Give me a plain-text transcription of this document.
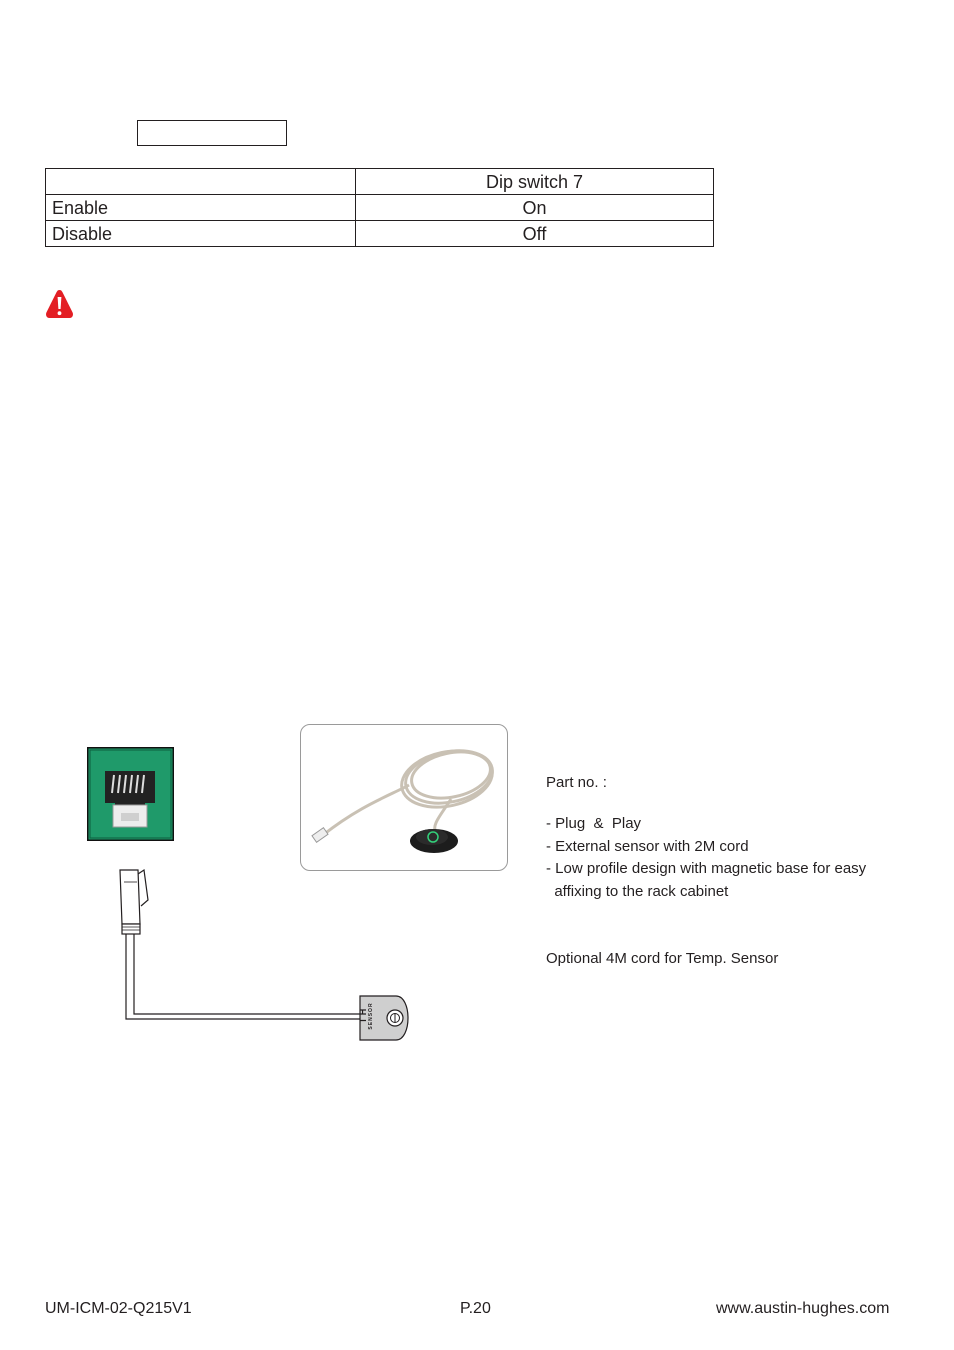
	Dip switch 7
Enable	On
Disable	Off
T H SENSOR
Part no. :
- Plug  &  Play
- External sensor with 2M cord
- Low profile design with magnetic base for easy
affixing to the rack cabinet
Optional 4M cord for Temp. Sensor
UM-ICM-02-Q215V1	P.20	www.austin-hughes.com
